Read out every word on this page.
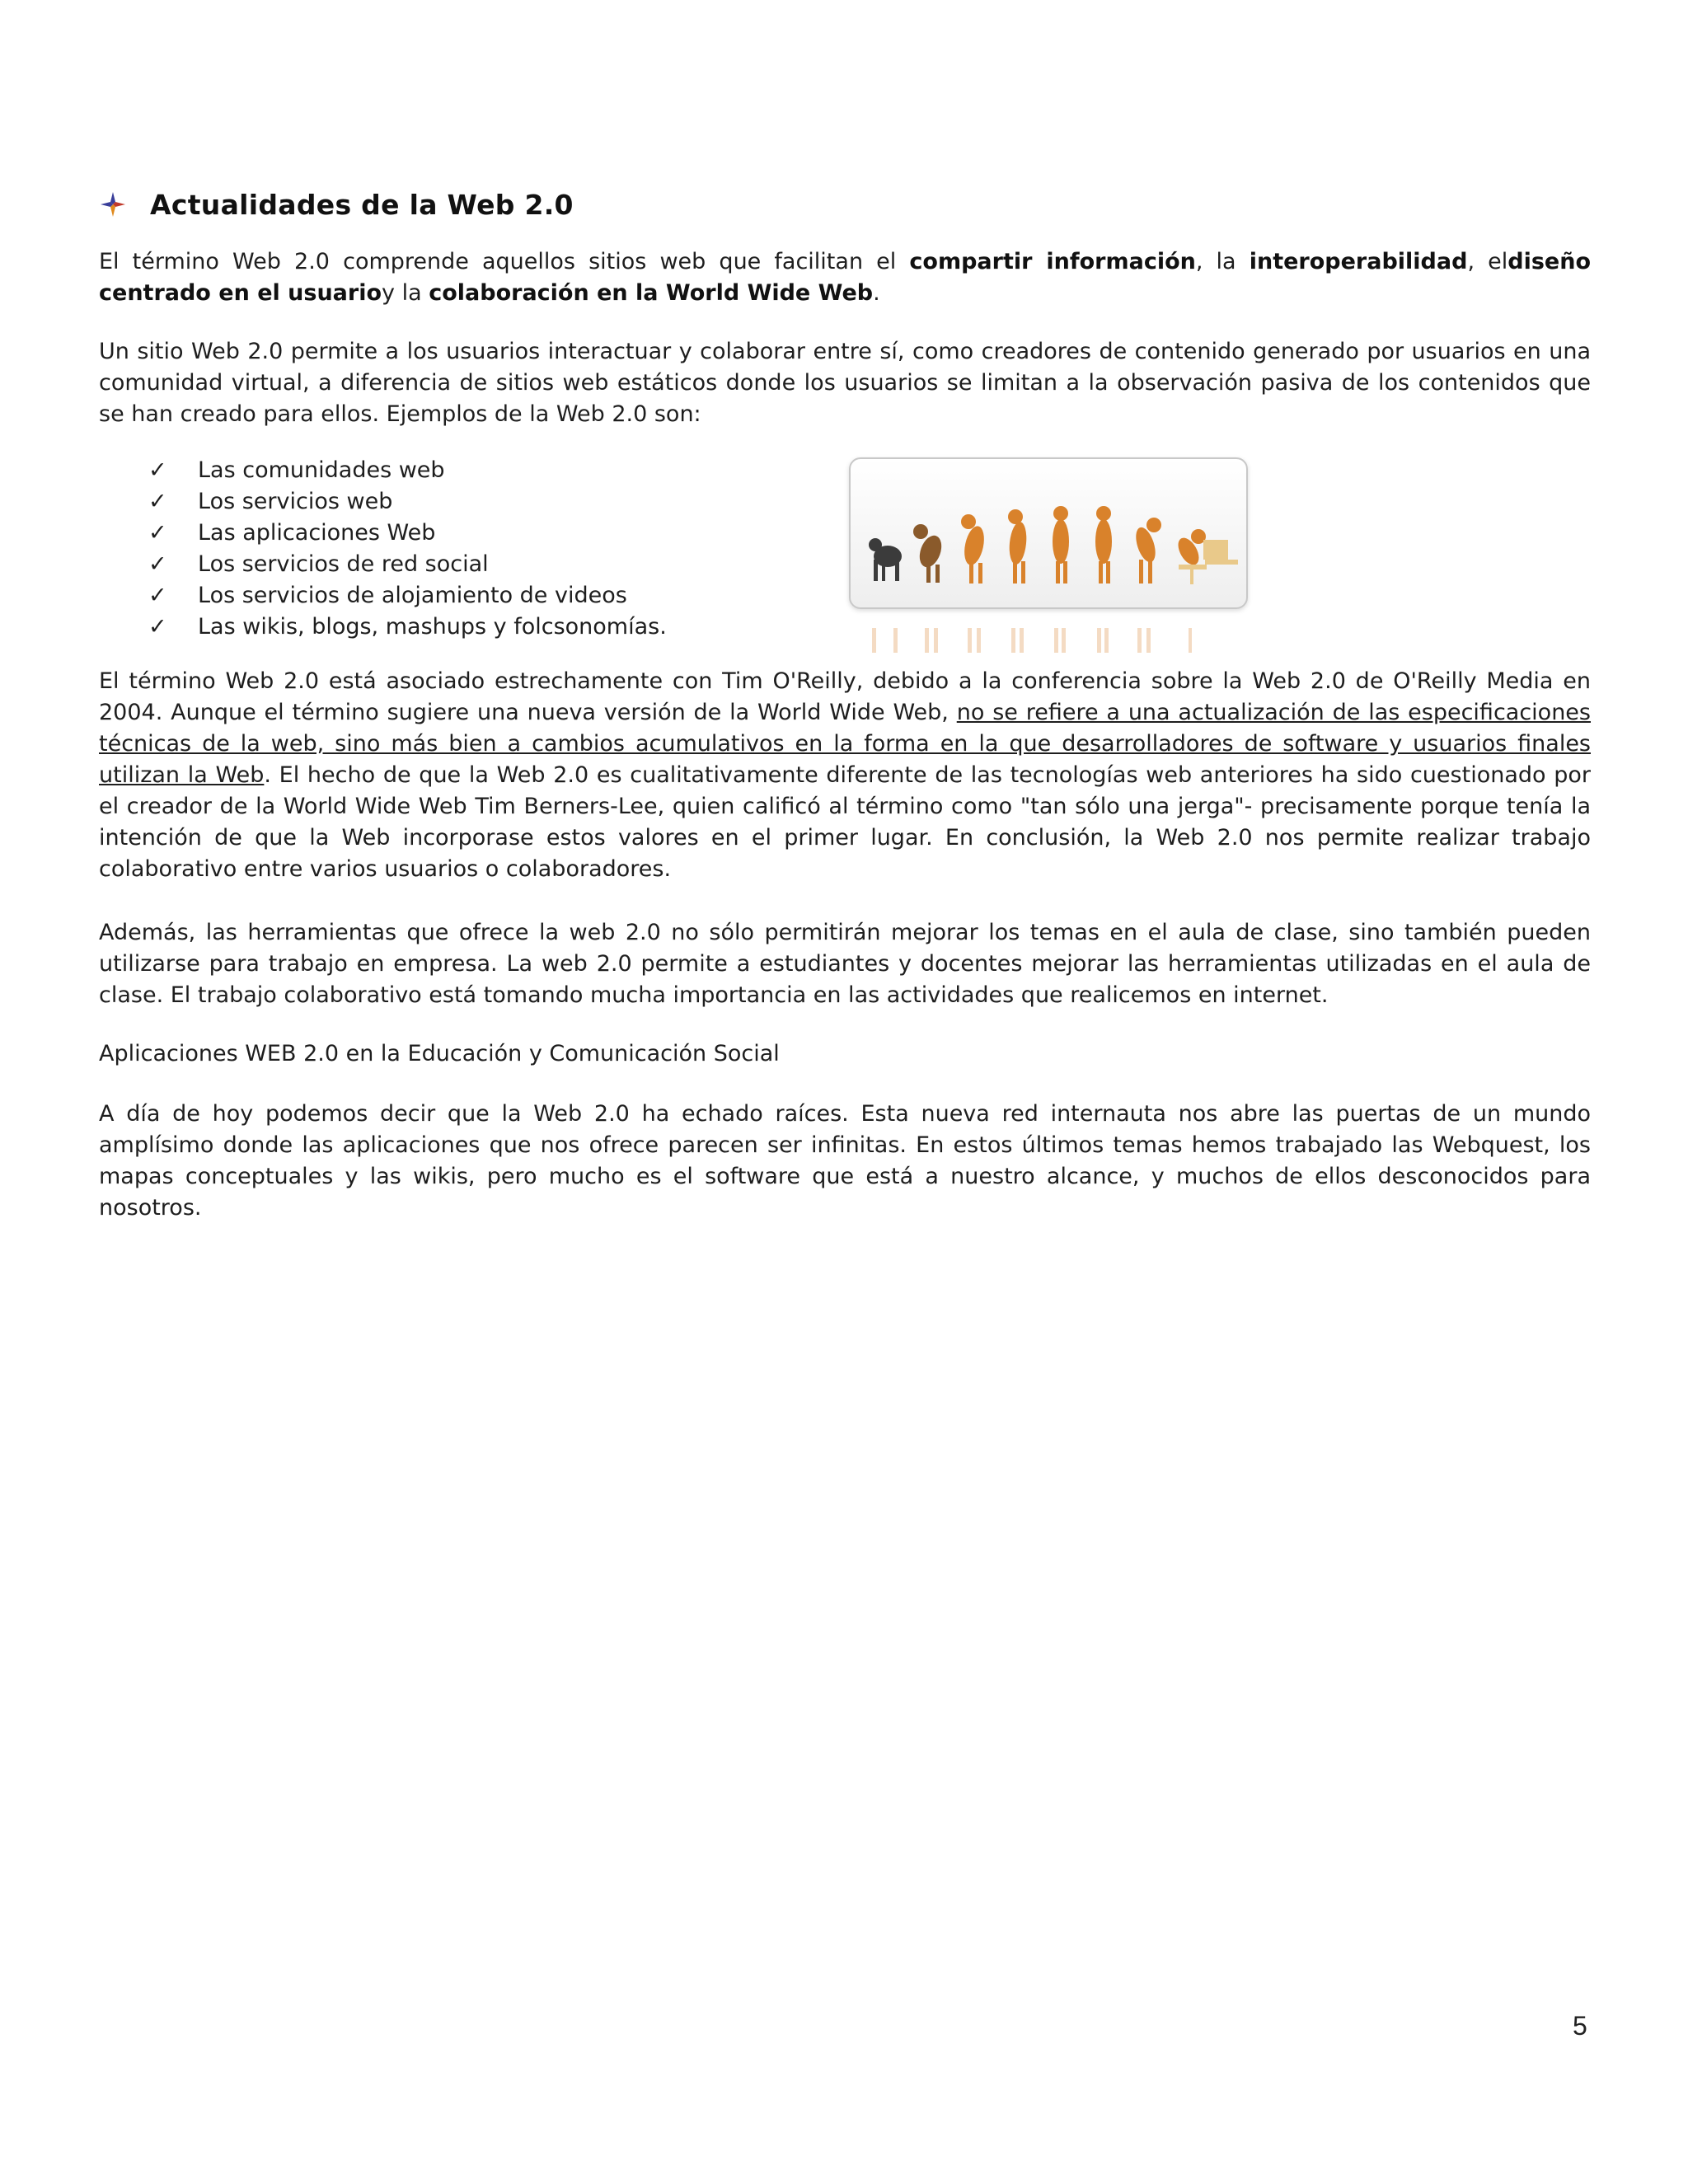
Actualidades de la Web 2.0

El término Web 2.0 comprende aquellos sitios web que facilitan el compartir información, la interoperabilidad, eldiseño centrado en el usuarioy la colaboración en la World Wide Web.

Un sitio Web 2.0 permite a los usuarios interactuar y colaborar entre sí, como creadores de contenido generado por usuarios en una comunidad virtual, a diferencia de sitios web estáticos donde los usuarios se limitan a la observación pasiva de los contenidos que se han creado para ellos. Ejemplos de la Web 2.0 son:

✓	Las comunidades web
✓	Los servicios web
✓	Las aplicaciones Web
✓	Los servicios de red social
✓	Los servicios de alojamiento de videos
✓	Las wikis, blogs, mashups y folcsonomías.

El término Web 2.0 está asociado estrechamente con Tim O'Reilly, debido a la conferencia sobre la Web 2.0 de O'Reilly Media en 2004. Aunque el término sugiere una nueva versión de la World Wide Web, no se refiere a una actualización de las especificaciones técnicas de la web, sino más bien a cambios acumulativos en la forma en la que desarrolladores de software y usuarios finales utilizan la Web. El hecho de que la Web 2.0 es cualitativamente diferente de las tecnologías web anteriores ha sido cuestionado por el creador de la World Wide Web Tim Berners-Lee, quien calificó al término como "tan sólo una jerga"- precisamente porque tenía la intención de que la Web incorporase estos valores en el primer lugar. En conclusión, la Web 2.0 nos permite realizar trabajo colaborativo entre varios usuarios o colaboradores.

Además, las herramientas que ofrece la web 2.0 no sólo permitirán mejorar los temas en el aula de clase, sino también pueden utilizarse para trabajo en empresa. La web 2.0 permite a estudiantes y docentes mejorar las herramientas utilizadas en el aula de clase. El trabajo colaborativo está tomando mucha importancia en las actividades que realicemos en internet.

Aplicaciones WEB 2.0 en la Educación y Comunicación Social

A día de hoy podemos decir que la Web 2.0 ha echado raíces. Esta nueva red internauta nos abre las puertas de un mundo amplísimo donde las aplicaciones que nos ofrece parecen ser infinitas. En estos últimos temas hemos trabajado las Webquest, los mapas conceptuales y las wikis, pero mucho es el software que está a nuestro alcance, y muchos de ellos desconocidos para nosotros.

5
